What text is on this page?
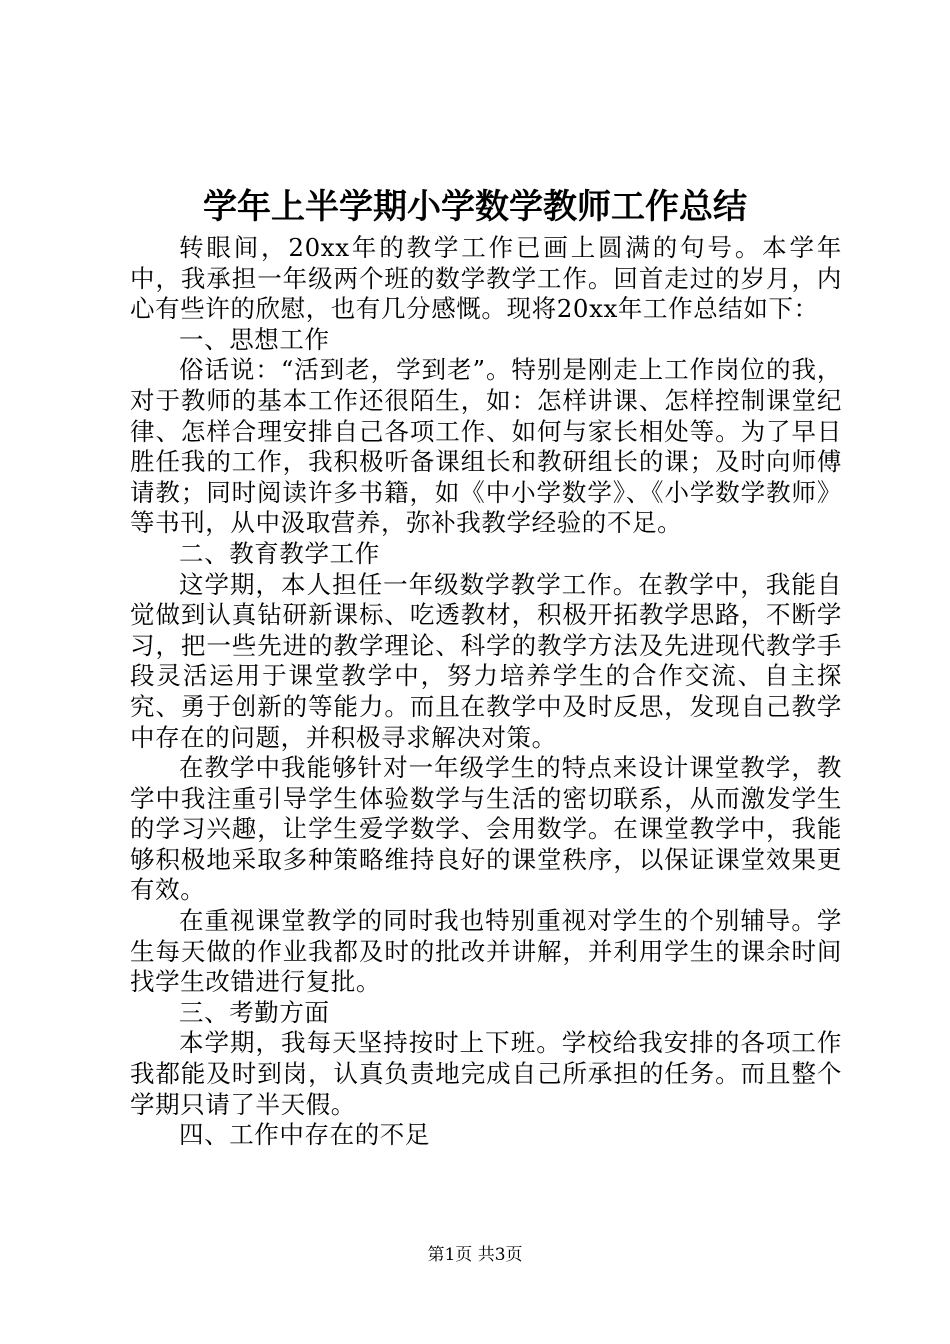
学年上半学期小学数学教师工作总结

转眼间，20xx年的教学工作已画上圆满的句号。本学年中，我承担一年级两个班的数学教学工作。回首走过的岁月，内心有些许的欣慰，也有几分感慨。现将20xx年工作总结如下：

一、思想工作

俗话说：“活到老，学到老”。特别是刚走上工作岗位的我，对于教师的基本工作还很陌生，如：怎样讲课、怎样控制课堂纪律、怎样合理安排自己各项工作、如何与家长相处等。为了早日胜任我的工作，我积极听备课组长和教研组长的课；及时向师傅请教；同时阅读许多书籍，如《中小学数学》、《小学数学教师》等书刊，从中汲取营养，弥补我教学经验的不足。

二、教育教学工作

这学期，本人担任一年级数学教学工作。在教学中，我能自觉做到认真钻研新课标、吃透教材，积极开拓教学思路，不断学习，把一些先进的教学理论、科学的教学方法及先进现代教学手段灵活运用于课堂教学中，努力培养学生的合作交流、自主探究、勇于创新的等能力。而且在教学中及时反思，发现自己教学中存在的问题，并积极寻求解决对策。

在教学中我能够针对一年级学生的特点来设计课堂教学，教学中我注重引导学生体验数学与生活的密切联系，从而激发学生的学习兴趣，让学生爱学数学、会用数学。在课堂教学中，我能够积极地采取多种策略维持良好的课堂秩序，以保证课堂效果更有效。

在重视课堂教学的同时我也特别重视对学生的个别辅导。学生每天做的作业我都及时的批改并讲解，并利用学生的课余时间找学生改错进行复批。

三、考勤方面

本学期，我每天坚持按时上下班。学校给我安排的各项工作我都能及时到岗，认真负责地完成自己所承担的任务。而且整个学期只请了半天假。

四、工作中存在的不足

第1页 共3页
